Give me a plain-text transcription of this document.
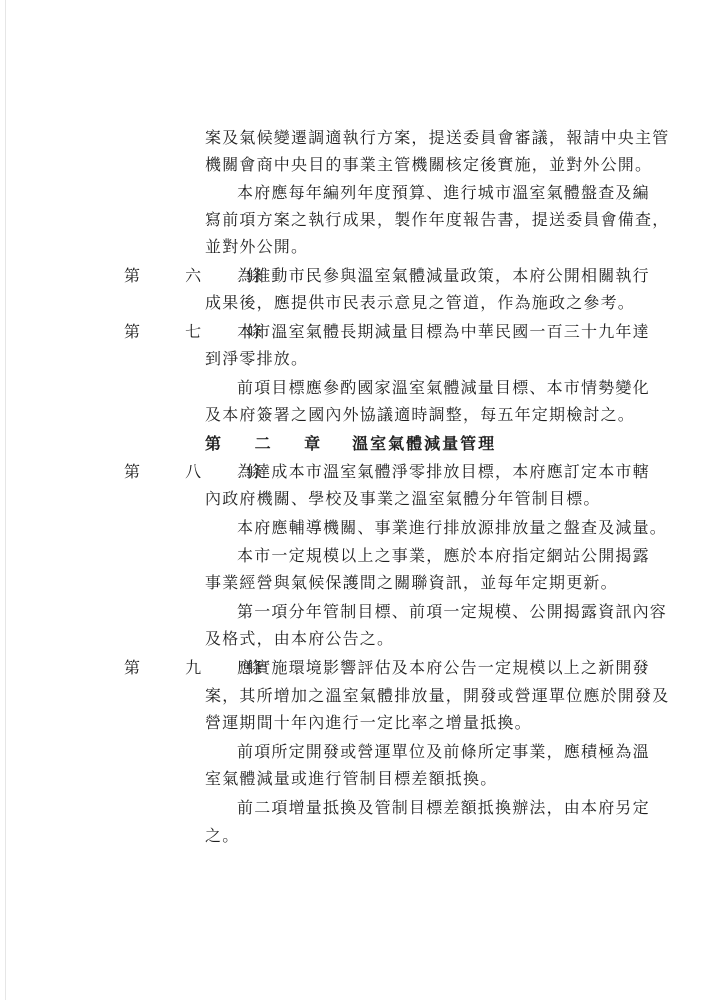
案及氣候變遷調適執行方案，提送委員會審議，報請中央主管
機關會商中央目的事業主管機關核定後實施，並對外公開。
本府應每年編列年度預算、進行城市溫室氣體盤查及編
寫前項方案之執行成果，製作年度報告書，提送委員會備查，
並對外公開。
第 六 條
為推動市民參與溫室氣體減量政策，本府公開相關執行
成果後，應提供市民表示意見之管道，作為施政之參考。
第 七 條
本市溫室氣體長期減量目標為中華民國一百三十九年達
到淨零排放。
前項目標應參酌國家溫室氣體減量目標、本市情勢變化
及本府簽署之國內外協議適時調整，每五年定期檢討之。
第 二 章 溫室氣體減量管理
第 八 條
為達成本市溫室氣體淨零排放目標，本府應訂定本市轄
內政府機關、學校及事業之溫室氣體分年管制目標。
本府應輔導機關、事業進行排放源排放量之盤查及減量。
本市一定規模以上之事業，應於本府指定網站公開揭露
事業經營與氣候保護間之關聯資訊，並每年定期更新。
第一項分年管制目標、前項一定規模、公開揭露資訊內容
及格式，由本府公告之。
第 九 條
應實施環境影響評估及本府公告一定規模以上之新開發
案，其所增加之溫室氣體排放量，開發或營運單位應於開發及
營運期間十年內進行一定比率之增量抵換。
前項所定開發或營運單位及前條所定事業，應積極為溫
室氣體減量或進行管制目標差額抵換。
前二項增量抵換及管制目標差額抵換辦法，由本府另定
之。
